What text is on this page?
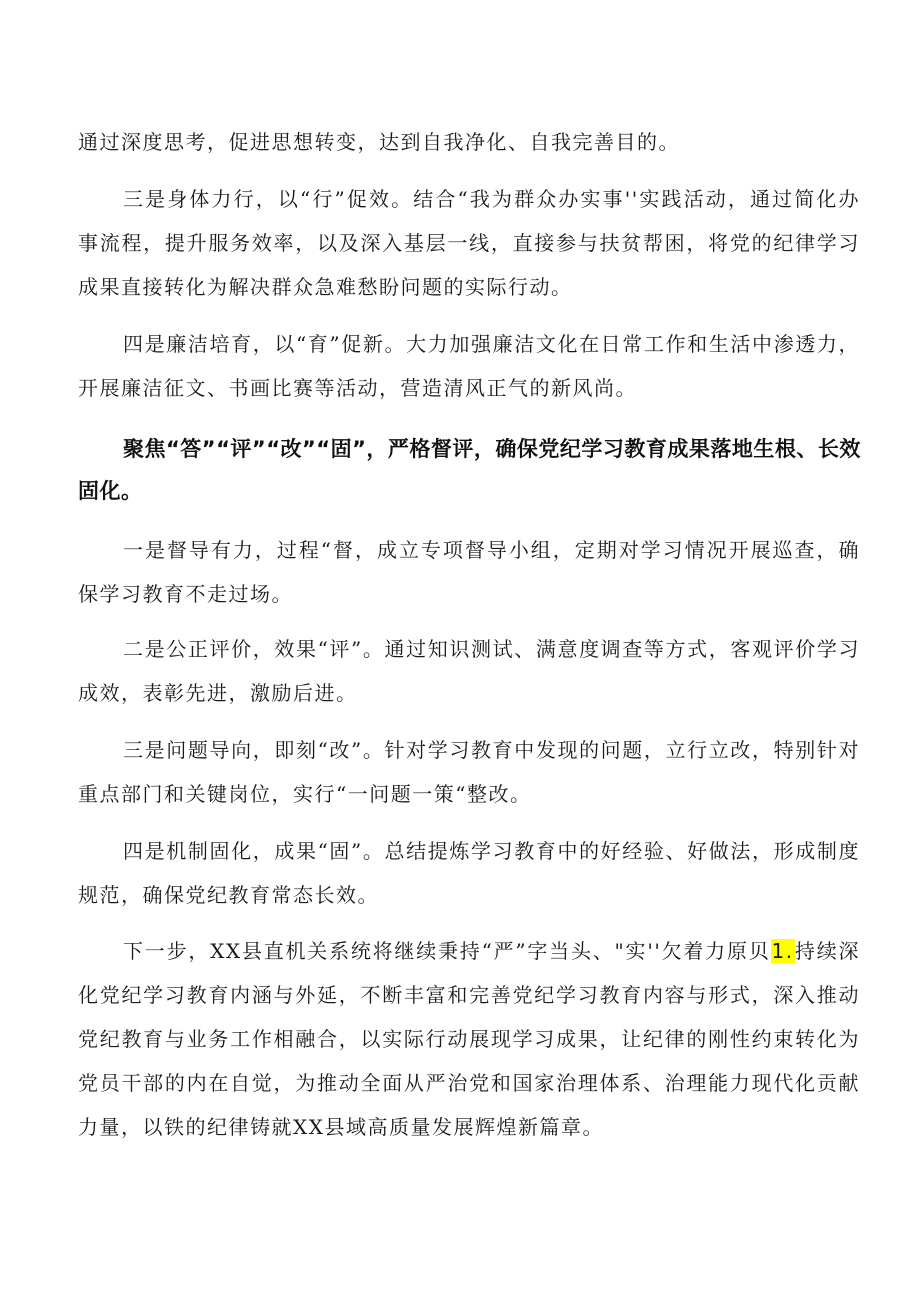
通过深度思考，促进思想转变，达到自我净化、自我完善目的。

三是身体力行，以“行”促效。结合“我为群众办实事''实践活动，通过简化办事流程，提升服务效率，以及深入基层一线，直接参与扶贫帮困，将党的纪律学习成果直接转化为解决群众急难愁盼问题的实际行动。

四是廉洁培育，以“育”促新。大力加强廉洁文化在日常工作和生活中渗透力，开展廉洁征文、书画比赛等活动，营造清风正气的新风尚。

聚焦“答”“评”“改”“固”，严格督评，确保党纪学习教育成果落地生根、长效固化。

一是督导有力，过程“督，成立专项督导小组，定期对学习情况开展巡查，确保学习教育不走过场。

二是公正评价，效果“评”。通过知识测试、满意度调查等方式，客观评价学习成效，表彰先进，激励后进。

三是问题导向，即刻“改”。针对学习教育中发现的问题，立行立改，特别针对重点部门和关键岗位，实行“一问题一策“整改。

四是机制固化，成果“固”。总结提炼学习教育中的好经验、好做法，形成制度规范，确保党纪教育常态长效。

下一步，XX县直机关系统将继续秉持“严”字当头、"实''欠着力原贝1.持续深化党纪学习教育内涵与外延，不断丰富和完善党纪学习教育内容与形式，深入推动党纪教育与业务工作相融合，以实际行动展现学习成果，让纪律的刚性约束转化为党员干部的内在自觉，为推动全面从严治党和国家治理体系、治理能力现代化贡献力量，以铁的纪律铸就XX县域高质量发展辉煌新篇章。
